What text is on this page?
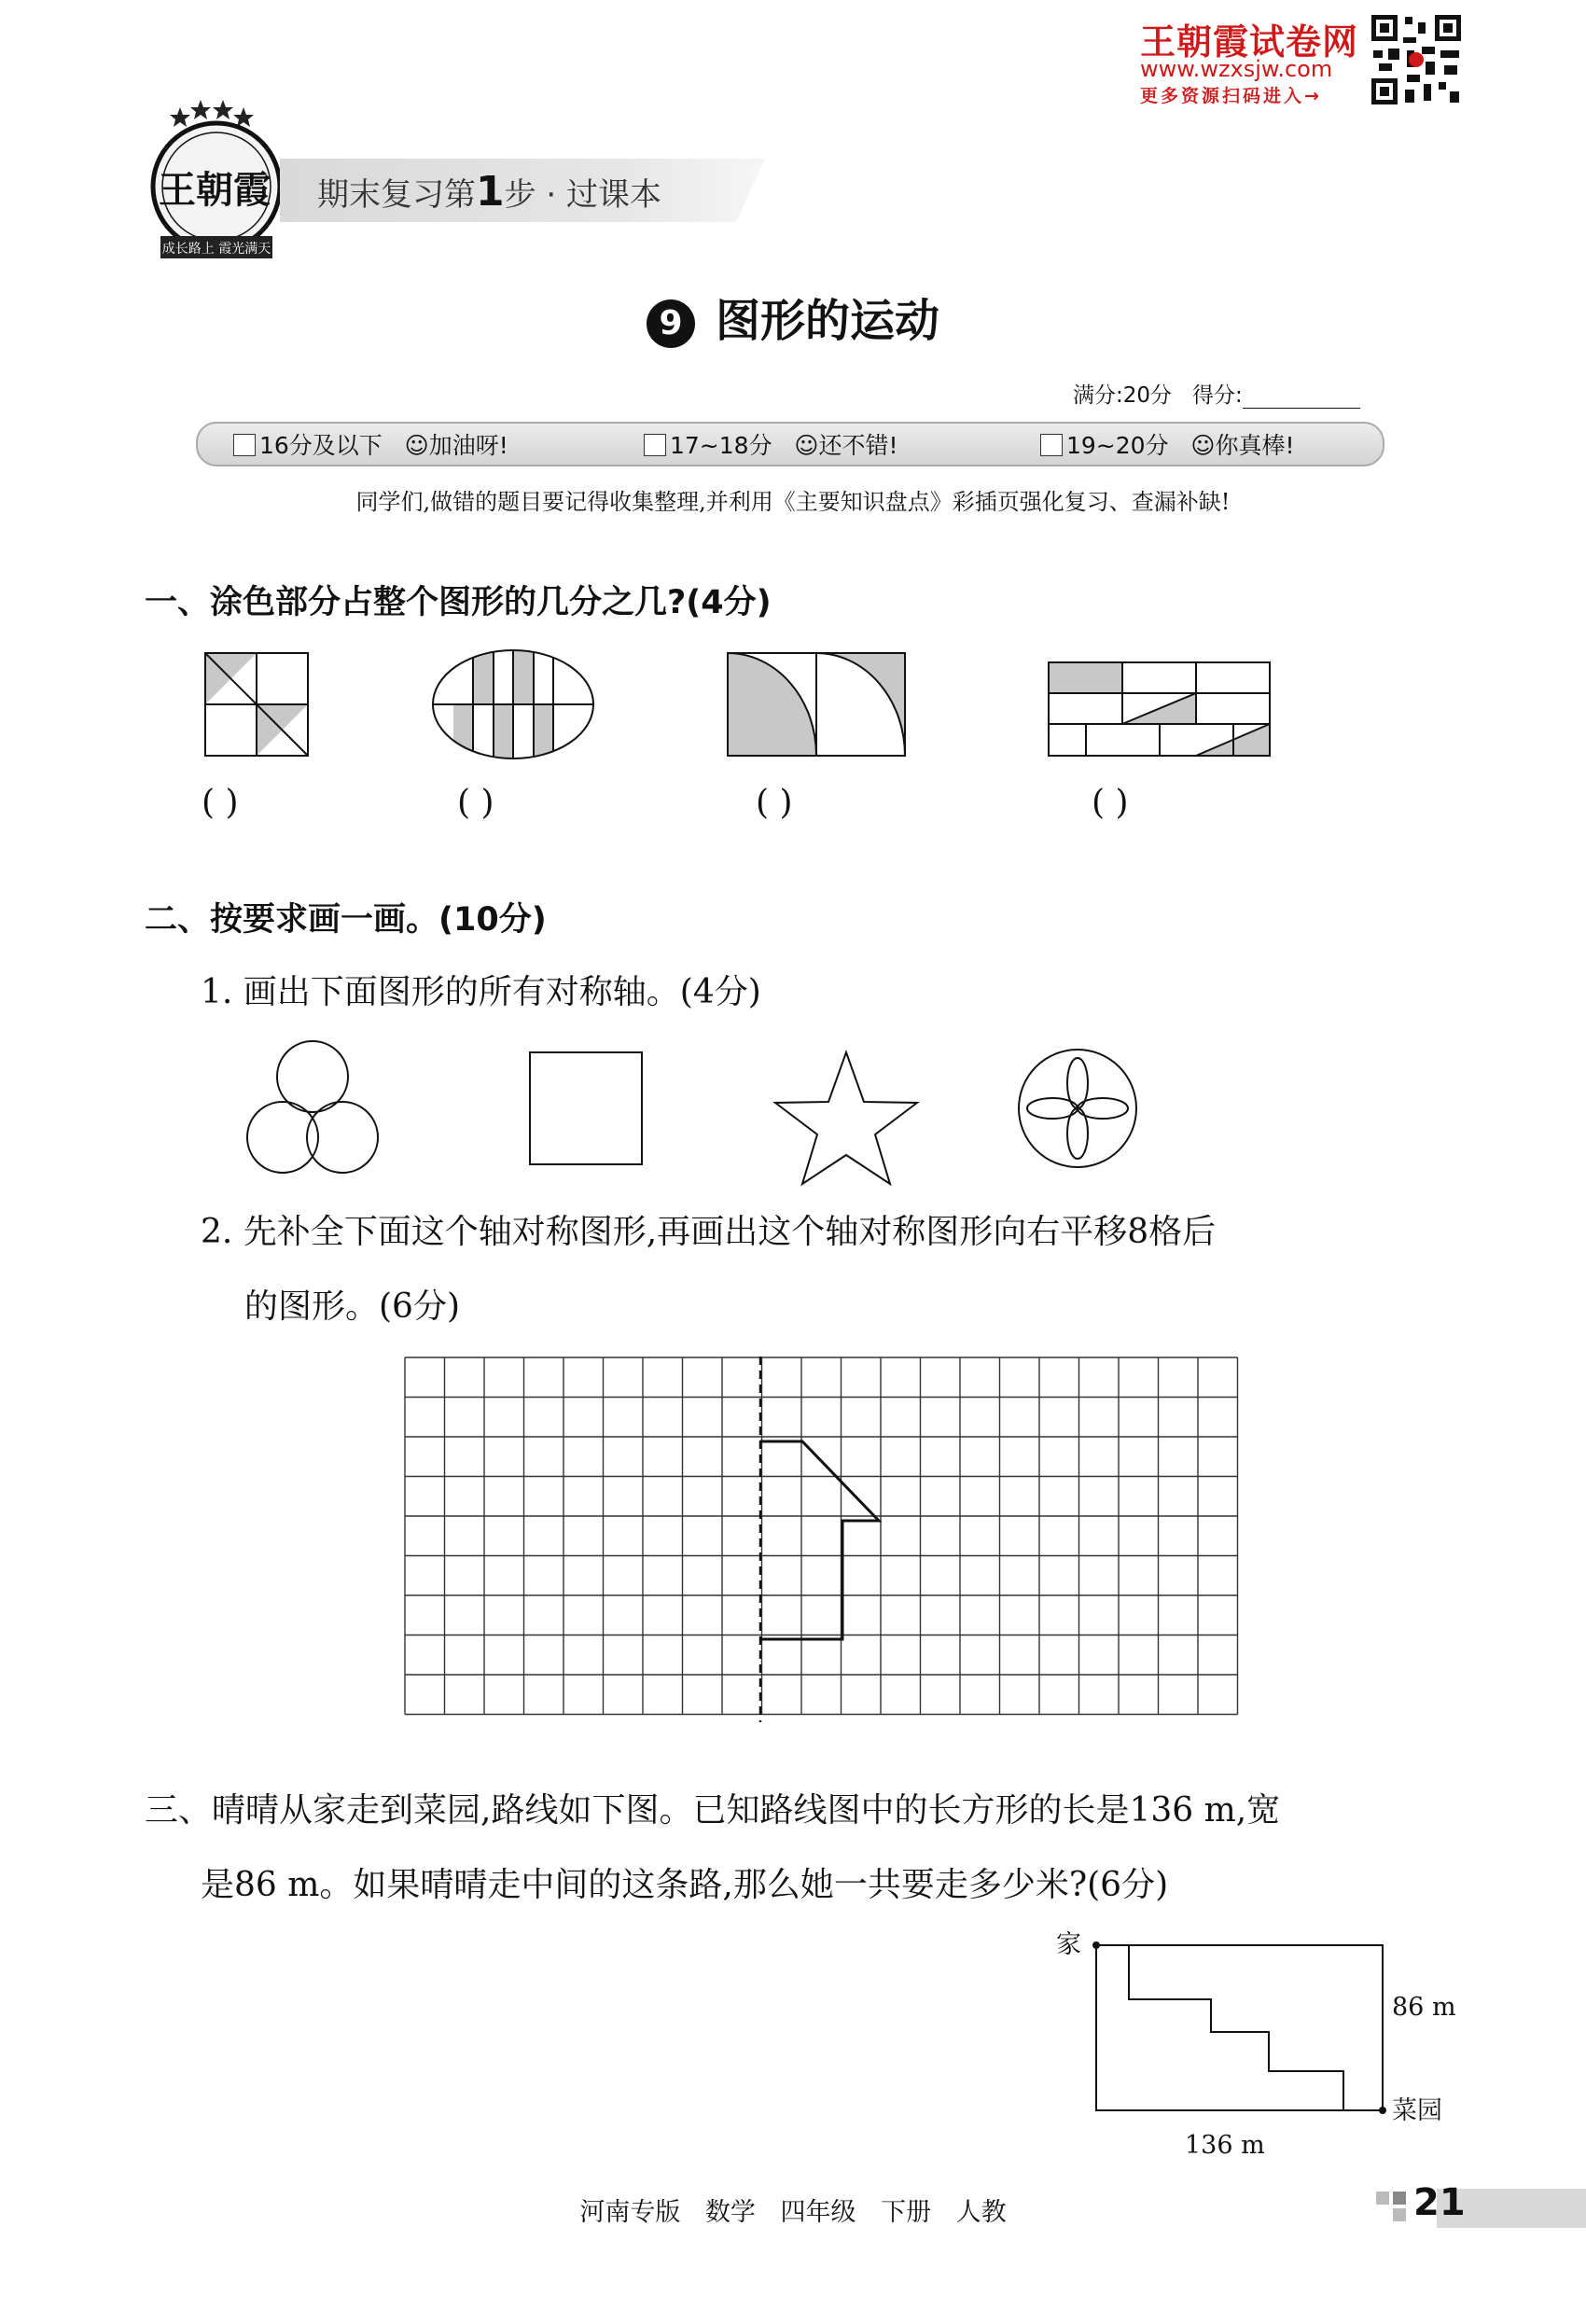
王朝霞试卷网
www.wzxsjw.com
更多资源扫码进入→
王朝霞
成长路上 霞光满天
期末复习第1步 · 过课本
9 图形的运动
满分:20分 得分:
16分及以下 ☺加油呀!	17~18分 ☺还不错!	19~20分 ☺你真棒!
同学们,做错的题目要记得收集整理,并利用《主要知识盘点》彩插页强化复习、查漏补缺!
一、涂色部分占整个图形的几分之几?(4分)
( )	( )	( )	( )
二、按要求画一画。(10分)
1. 画出下面图形的所有对称轴。(4分)
2. 先补全下面这个轴对称图形,再画出这个轴对称图形向右平移8格后
的图形。(6分)
三、晴晴从家走到菜园,路线如下图。已知路线图中的长方形的长是136 m,宽
是86 m。如果晴晴走中间的这条路,那么她一共要走多少米?(6分)
家
菜园
86 m
136 m
河南专版 数学 四年级 下册 人教	21
